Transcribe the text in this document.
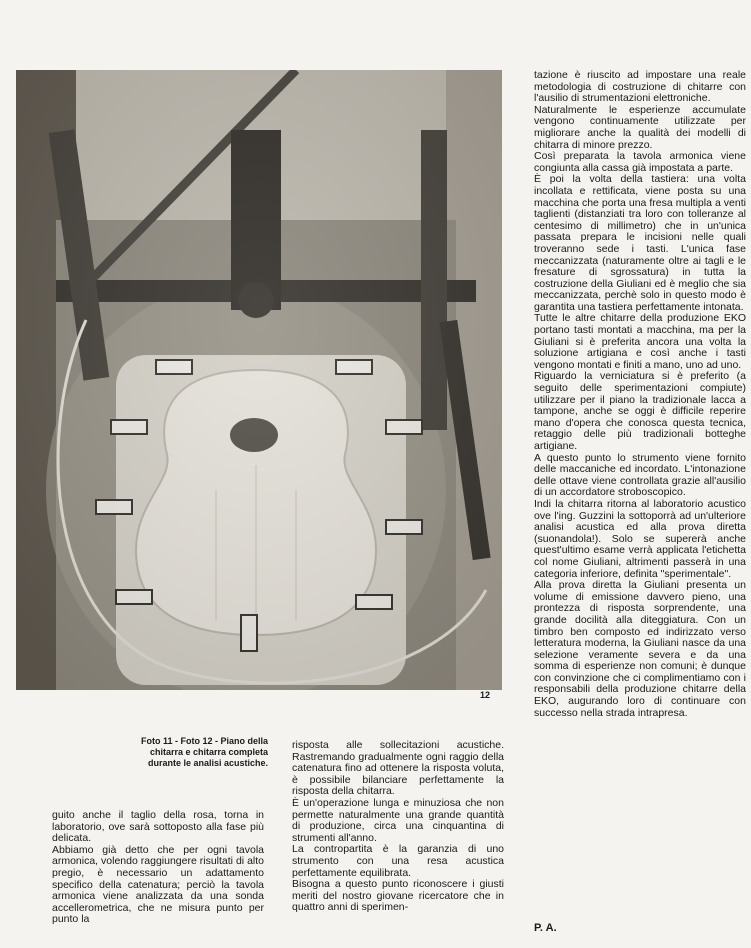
12
Foto 11 - Foto 12 - Piano della chitarra e chitarra completa durante le analisi acustiche.

guito anche il taglio della rosa, torna in laboratorio, ove sarà sottoposto alla fase più delicata.

Abbiamo già detto che per ogni tavola armonica, volendo raggiungere risultati di alto pregio, è necessario un adattamento specifico della catenatura; perciò la tavola armonica viene analizzata da una sonda accellerometrica, che ne misura punto per punto la

risposta alle sollecitazioni acustiche. Rastremando gradualmente ogni raggio della catenatura fino ad ottenere la risposta voluta, è possibile bilanciare perfettamente la risposta della chitarra.

È un'operazione lunga e minuziosa che non permette naturalmente una grande quantità di produzione, circa una cinquantina di strumenti all'anno.

La contropartita è la garanzia di uno strumento con una resa acustica perfettamente equilibrata.

Bisogna a questo punto riconoscere i giusti meriti del nostro giovane ricercatore che in quattro anni di sperimen-

tazione è riuscito ad impostare una reale metodologia di costruzione di chitarre con l'ausilio di strumentazioni elettroniche.

Naturalmente le esperienze accumulate vengono continuamente utilizzate per migliorare anche la qualità dei modelli di chitarra di minore prezzo.

Così preparata la tavola armonica viene congiunta alla cassa già impostata a parte.

È poi la volta della tastiera: una volta incollata e rettificata, viene posta su una macchina che porta una fresa multipla a venti taglienti (distanziati tra loro con tolleranze al centesimo di millimetro) che in un'unica passata prepara le incisioni nelle quali troveranno sede i tasti. L'unica fase meccanizzata (naturamente oltre ai tagli e le fresature di sgrossatura) in tutta la costruzione della Giuliani ed è meglio che sia meccanizzata, perchè solo in questo modo è garantita una tastiera perfettamente intonata.

Tutte le altre chitarre della produzione EKO portano tasti montati a macchina, ma per la Giuliani si è preferita ancora una volta la soluzione artigiana e così anche i tasti vengono montati e finiti a mano, uno ad uno.

Riguardo la verniciatura si è preferito (a seguito delle sperimentazioni compiute) utilizzare per il piano la tradizionale lacca a tampone, anche se oggi è difficile reperire mano d'opera che conosca questa tecnica, retaggio delle più tradizionali botteghe artigiane.

A questo punto lo strumento viene fornito delle maccaniche ed incordato. L'intonazione delle ottave viene controllata grazie all'ausilio di un accordatore stroboscopico.

Indi la chitarra ritorna al laboratorio acustico ove l'ing. Guzzini la sottoporrà ad un'ulteriore analisi acustica ed alla prova diretta (suonandola!). Solo se supererà anche quest'ultimo esame verrà applicata l'etichetta col nome Giuliani, altrimenti passerà in una categoria inferiore, definita "sperimentale".

Alla prova diretta la Giuliani presenta un volume di emissione davvero pieno, una prontezza di risposta sorprendente, una grande docilità alla diteggiatura. Con un timbro ben composto ed indirizzato verso letteratura moderna, la Giuliani nasce da una selezione veramente severa e da una somma di esperienze non comuni; è dunque con convinzione che ci complimentiamo con i responsabili della produzione chitarre della EKO, augurando loro di continuare con successo nella strada intrapresa.

P. A.
